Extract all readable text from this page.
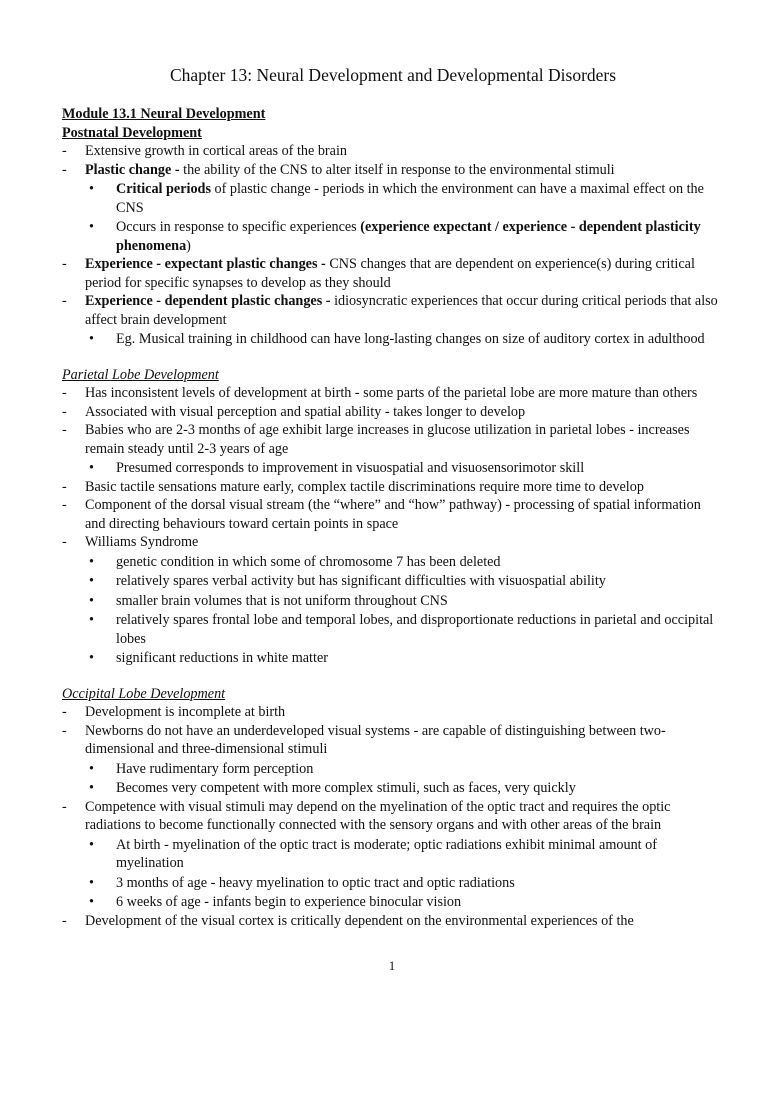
Chapter 13: Neural Development and Developmental Disorders
Module 13.1 Neural Development
Postnatal Development
-	Extensive growth in cortical areas of the brain
-	Plastic change - the ability of the CNS to alter itself in response to the environmental stimuli
•	Critical periods of plastic change - periods in which the environment can have a maximal effect on the CNS
•	Occurs in response to specific experiences (experience expectant / experience - dependent plasticity phenomena)
-	Experience - expectant plastic changes - CNS changes that are dependent on experience(s) during critical period for specific synapses to develop as they should
-	Experience - dependent plastic changes - idiosyncratic experiences that occur during critical periods that also affect brain development
•	Eg. Musical training in childhood can have long-lasting changes on size of auditory cortex in adulthood
Parietal Lobe Development
-	Has inconsistent levels of development at birth - some parts of the parietal lobe are more mature than others
-	Associated with visual perception and spatial ability - takes longer to develop
-	Babies who are 2-3 months of age exhibit large increases in glucose utilization in parietal lobes - increases remain steady until 2-3 years of age
•	Presumed corresponds to improvement in visuospatial and visuosensorimotor skill
-	Basic tactile sensations mature early, complex tactile discriminations require more time to develop
-	Component of the dorsal visual stream (the “where” and “how” pathway) - processing of spatial information and directing behaviours toward certain points in space
-	Williams Syndrome
•	genetic condition in which some of chromosome 7 has been deleted
•	relatively spares verbal activity but has significant difficulties with visuospatial ability
•	smaller brain volumes that is not uniform throughout CNS
•	relatively spares frontal lobe and temporal lobes, and disproportionate reductions in parietal and occipital lobes
•	significant reductions in white matter
Occipital Lobe Development
-	Development is incomplete at birth
-	Newborns do not have an underdeveloped visual systems - are capable of distinguishing between two-dimensional and three-dimensional stimuli
•	Have rudimentary form perception
•	Becomes very competent with more complex stimuli, such as faces, very quickly
-	Competence with visual stimuli may depend on the myelination of the optic tract and requires the optic radiations to become functionally connected with the sensory organs and with other areas of the brain
•	At birth - myelination of the optic tract is moderate; optic radiations exhibit minimal amount of myelination
•	3 months of age - heavy myelination to optic tract and optic radiations
•	6 weeks of age - infants begin to experience binocular vision
-	Development of the visual cortex is critically dependent on the environmental experiences of the
1
